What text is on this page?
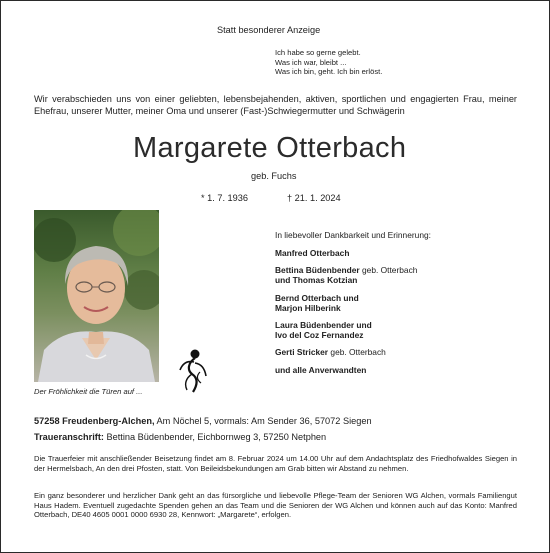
Statt besonderer Anzeige
Ich habe so gerne gelebt.
Was ich war, bleibt ...
Was ich bin, geht. Ich bin erlöst.
Wir verabschieden uns von einer geliebten, lebensbejahenden, aktiven, sportlichen und engagierten Frau, meiner Ehefrau, unserer Mutter, meiner Oma und unserer (Fast-)Schwiegermutter und Schwägerin
Margarete Otterbach
geb. Fuchs
* 1. 7. 1936	† 21. 1. 2024
Der Fröhlichkeit die Türen auf ...
In liebevoller Dankbarkeit und Erinnerung:
Manfred Otterbach
Bettina Büdenbender geb. Otterbach
und Thomas Kotzian
Bernd Otterbach und
Marjon Hilberink
Laura Büdenbender und
Ivo del Coz Fernandez
Gerti Stricker geb. Otterbach
und alle Anverwandten
57258 Freudenberg-Alchen, Am Nöchel 5, vormals: Am Sender 36, 57072 Siegen
Traueranschrift: Bettina Büdenbender, Eichbornweg 3, 57250 Netphen
Die Trauerfeier mit anschließender Beisetzung findet am 8. Februar 2024 um 14.00 Uhr auf dem Andachtsplatz des Friedhofwaldes Siegen in der Hermelsbach, An den drei Pfosten, statt. Von Beileidsbekundungen am Grab bitten wir Abstand zu nehmen.
Ein ganz besonderer und herzlicher Dank geht an das fürsorgliche und liebevolle Pflege-Team der Senioren WG Alchen, vormals Familiengut Haus Hadem. Eventuell zugedachte Spenden gehen an das Team und die Senioren der WG Alchen und können auch auf das Konto: Manfred Otterbach, DE40 4605 0001 0000 6930 28, Kennwort: „Margarete“, erfolgen.
